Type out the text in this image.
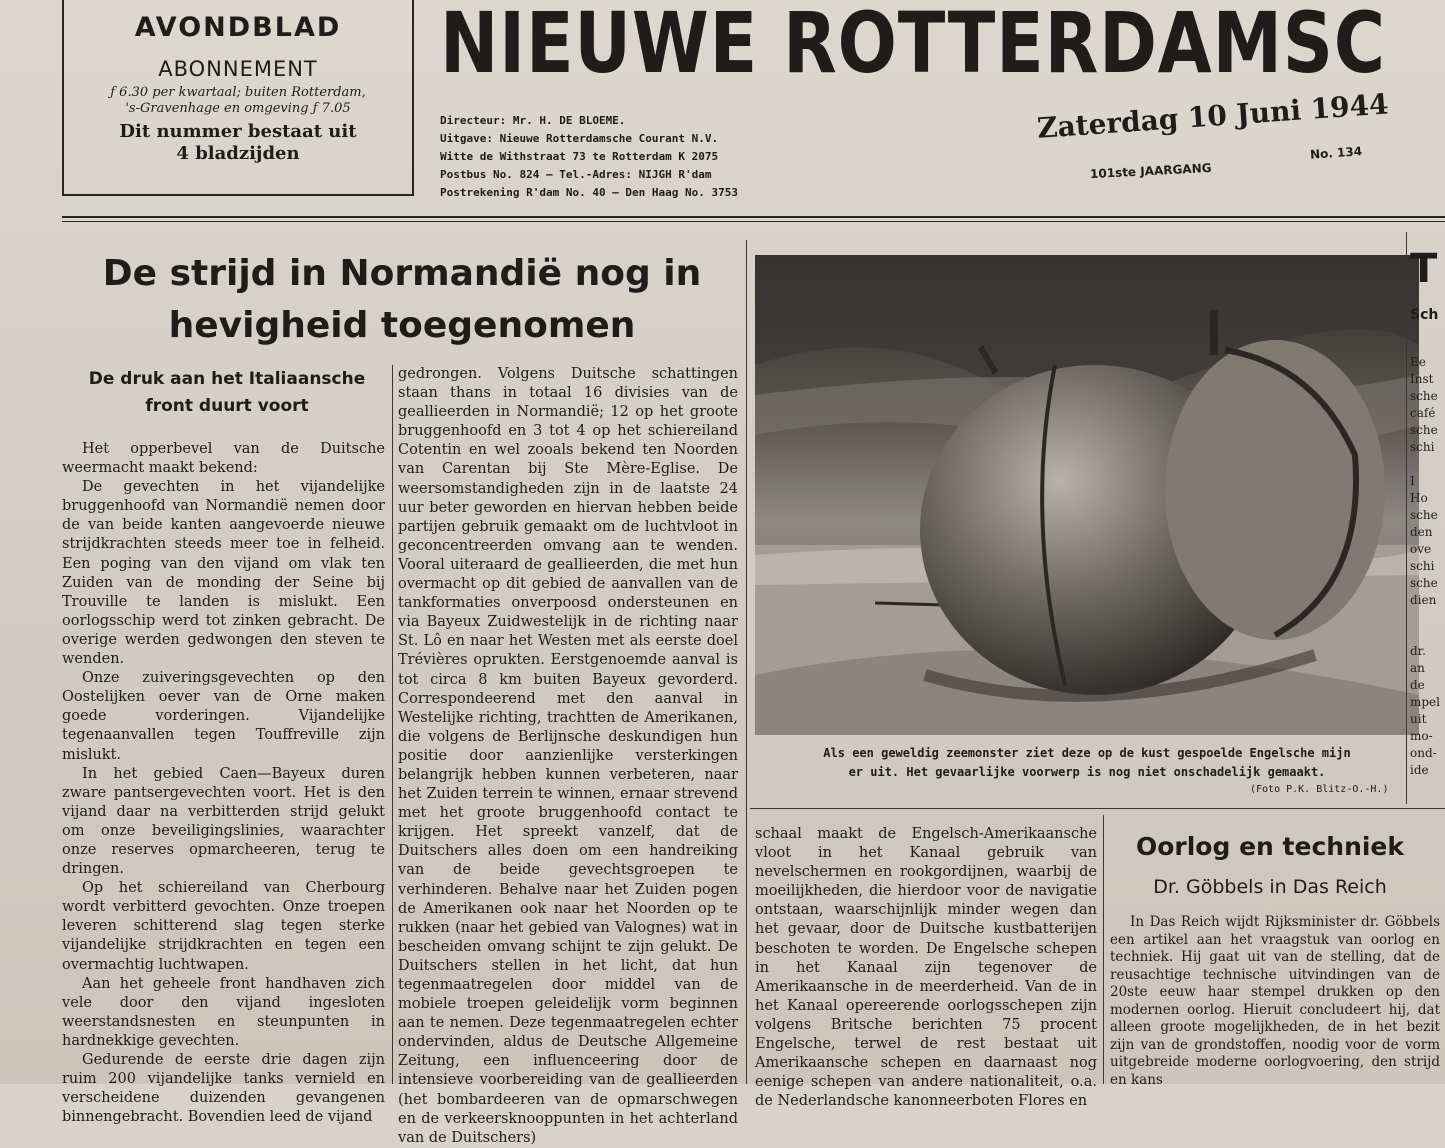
AVONDBLAD
ABONNEMENT
ƒ 6.30 per kwartaal; buiten Rotterdam,
's-Gravenhage en omgeving ƒ 7.05
Dit nummer bestaat uit
4 bladzijden
NIEUWE ROTTERDAMSC
Directeur: Mr. H. DE BLOEME.
Uitgave: Nieuwe Rotterdamsche Courant N.V.
Witte de Withstraat 73 te Rotterdam K 2075
Postbus No. 824 — Tel.-Adres: NIJGH R'dam
Postrekening R'dam No. 40 — Den Haag No. 3753
Zaterdag 10 Juni 1944
No. 134
101ste JAARGANG
De strijd in Normandië nog in
hevigheid toegenomen
De druk aan het Italiaansche
front duurt voort

Het opperbevel van de Duitsche weermacht maakt bekend:

De gevechten in het vijandelijke bruggenhoofd van Normandië nemen door de van beide kanten aangevoerde nieuwe strijdkrachten steeds meer toe in felheid. Een poging van den vijand om vlak ten Zuiden van de monding der Seine bij Trouville te landen is mislukt. Een oorlogsschip werd tot zinken gebracht. De overige werden gedwongen den steven te wenden.

Onze zuiveringsgevechten op den Oostelijken oever van de Orne maken goede vorderingen. Vijandelijke tegenaanvallen tegen Touffreville zijn mislukt.

In het gebied Caen—Bayeux duren zware pantsergevechten voort. Het is den vijand daar na verbitterden strijd gelukt om onze beveiligingslinies, waarachter onze reserves opmarcheeren, terug te dringen.

Op het schiereiland van Cherbourg wordt verbitterd gevochten. Onze troepen leveren schitterend slag tegen sterke vijandelijke strijdkrachten en tegen een overmachtig luchtwapen.

Aan het geheele front handhaven zich vele door den vijand ingesloten weerstandsnesten en steunpunten in hardnekkige gevechten.

Gedurende de eerste drie dagen zijn ruim 200 vijandelijke tanks vernield en verscheidene duizenden gevangenen binnengebracht. Bovendien leed de vijand

gedrongen. Volgens Duitsche schattingen staan thans in totaal 16 divisies van de geallieerden in Normandië; 12 op het groote bruggenhoofd en 3 tot 4 op het schiereiland Cotentin en wel zooals bekend ten Noorden van Carentan bij Ste Mère-Eglise. De weersomstandigheden zijn in de laatste 24 uur beter geworden en hiervan hebben beide partijen gebruik gemaakt om de luchtvloot in geconcentreerden omvang aan te wenden. Vooral uiteraard de geallieerden, die met hun overmacht op dit gebied de aanvallen van de tankformaties onverpoosd ondersteunen en via Bayeux Zuidwestelijk in de richting naar St. Lô en naar het Westen met als eerste doel Trévières oprukten. Eerstgenoemde aanval is tot circa 8 km buiten Bayeux gevorderd. Correspondeerend met den aanval in Westelijke richting, trachtten de Amerikanen, die volgens de Berlijnsche deskundigen hun positie door aanzienlijke versterkingen belangrijk hebben kunnen verbeteren, naar het Zuiden terrein te winnen, ernaar strevend met het groote bruggenhoofd contact te krijgen. Het spreekt vanzelf, dat de Duitschers alles doen om een handreiking van de beide gevechtsgroepen te verhinderen. Behalve naar het Zuiden pogen de Amerikanen ook naar het Noorden op te rukken (naar het gebied van Valognes) wat in bescheiden omvang schijnt te zijn gelukt. De Duitschers stellen in het licht, dat hun tegenmaatregelen door middel van de mobiele troepen geleidelijk vorm beginnen aan te nemen. Deze tegenmaatregelen echter ondervinden, aldus de Deutsche Allgemeine Zeitung, een influenceering door de intensieve voorbereiding van de geallieerden (het bombardeeren van de opmarschwegen en de verkeersknooppunten in het achterland van de Duitschers)

Als een geweldig zeemonster ziet deze op de kust gespoelde Engelsche mijn
er uit. Het gevaarlijke voorwerp is nog niet onschadelijk gemaakt.
(Foto P.K. Blitz-O.-H.)

schaal maakt de Engelsch-Amerikaansche vloot in het Kanaal gebruik van nevelschermen en rookgordijnen, waarbij de moeilijkheden, die hierdoor voor de navigatie ontstaan, waarschijnlijk minder wegen dan het gevaar, door de Duitsche kustbatterijen beschoten te worden. De Engelsche schepen in het Kanaal zijn tegenover de Amerikaansche in de meerderheid. Van de in het Kanaal opereerende oorlogsschepen zijn volgens Britsche berichten 75 procent Engelsche, terwel de rest bestaat uit Amerikaansche schepen en daarnaast nog eenige schepen van andere nationaliteit, o.a. de Nederlandsche kanonneerboten Flores en

Oorlog en techniek
Dr. Göbbels in Das Reich

In Das Reich wijdt Rijksminister dr. Göbbels een artikel aan het vraagstuk van oorlog en techniek. Hij gaat uit van de stelling, dat de reusachtige technische uitvindingen van de 20ste eeuw haar stempel drukken op den modernen oorlog. Hieruit concludeert hij, dat alleen groote mogelijkheden, de in het bezit zijn van de grondstoffen, noodig voor de vorm uitgebreide moderne oorlogvoering, den strijd en kans

T
Sch
Ee
Inst
sche
café
sche
schi

I
Ho
sche
den
ove
schi
sche
dien

dr.
an
de
mpel
uit
mo-
ond-
ide
